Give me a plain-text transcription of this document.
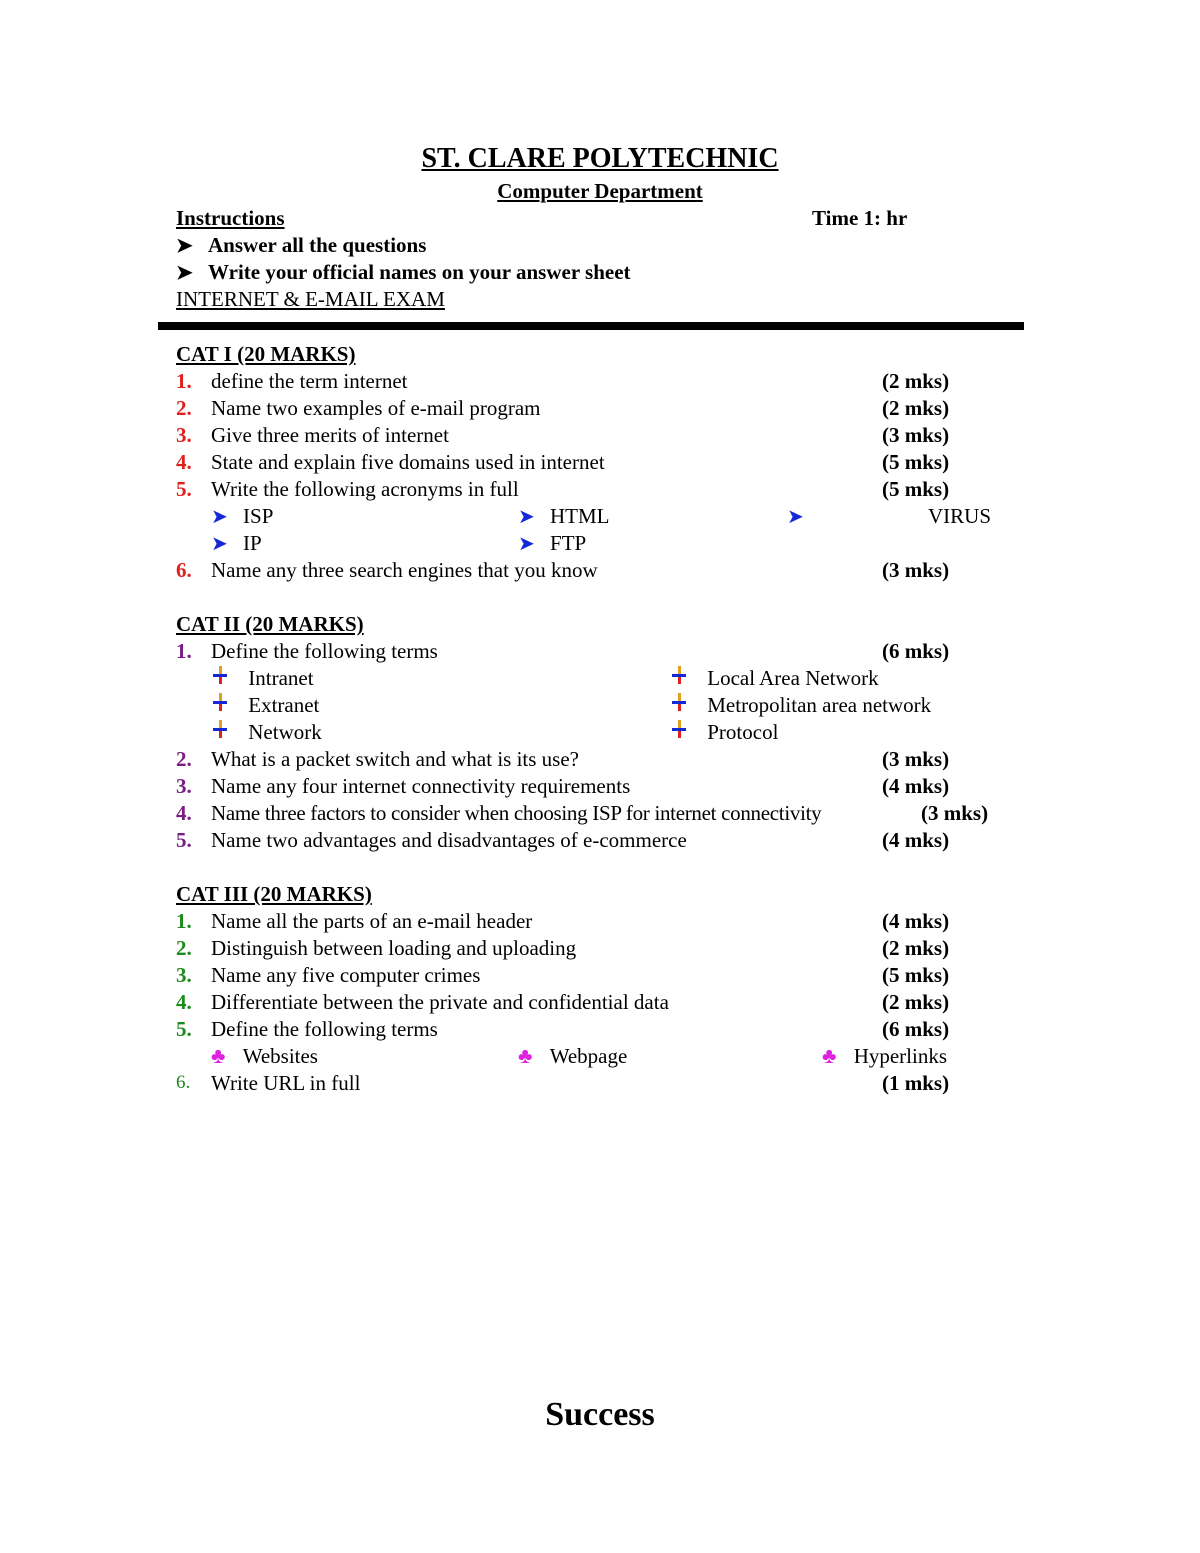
ST. CLARE POLYTECHNIC
Computer Department
Instructions	Time 1: hr
➤ Answer all the questions
➤ Write your official names on your answer sheet
INTERNET & E-MAIL EXAM
CAT I (20 MARKS)
1. define the term internet	(2 mks)
2. Name two examples of e-mail program	(2 mks)
3. Give three merits of internet	(3 mks)
4. State and explain five domains used in internet	(5 mks)
5. Write the following acronyms in full	(5 mks)
➤ ISP	➤ HTML	➤	VIRUS
➤ IP	➤ FTP
6. Name any three search engines that you know	(3 mks)
CAT II (20 MARKS)
1. Define the following terms	(6 mks)
Intranet	Local Area Network
Extranet	Metropolitan area network
Network	Protocol
2. What is a packet switch and what is its use?	(3 mks)
3. Name any four internet connectivity requirements	(4 mks)
4. Name three factors to consider when choosing ISP for internet connectivity	(3 mks)
5. Name two advantages and disadvantages of e-commerce	(4 mks)
CAT III (20 MARKS)
1. Name all the parts of an e-mail header	(4 mks)
2. Distinguish between loading and uploading	(2 mks)
3. Name any five computer crimes	(5 mks)
4. Differentiate between the private and confidential data	(2 mks)
5. Define the following terms	(6 mks)
♣ Websites	♣ Webpage	♣ Hyperlinks
6. Write URL in full	(1 mks)
Success
